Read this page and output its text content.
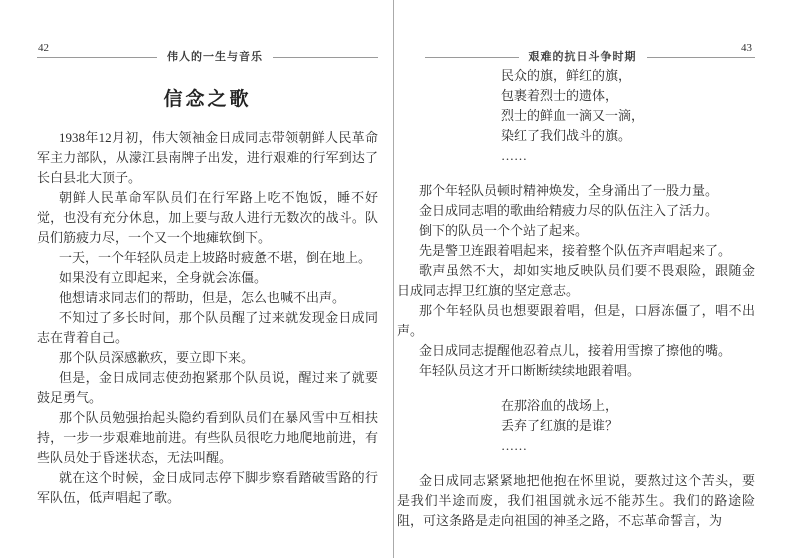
42
伟人的一生与音乐
信念之歌

1938年12月初，伟大领袖金日成同志带领朝鲜人民革命军主力部队，从濛江县南牌子出发，进行艰难的行军到达了长白县北大顶子。

朝鲜人民革命军队员们在行军路上吃不饱饭，睡不好觉，也没有充分休息，加上要与敌人进行无数次的战斗。队员们筋疲力尽，一个又一个地瘫软倒下。

一天，一个年轻队员走上坡路时疲惫不堪，倒在地上。

如果没有立即起来，全身就会冻僵。

他想请求同志们的帮助，但是，怎么也喊不出声。

不知过了多长时间，那个队员醒了过来就发现金日成同志在背着自己。

那个队员深感歉疚，要立即下来。

但是，金日成同志使劲抱紧那个队员说，醒过来了就要鼓足勇气。

那个队员勉强抬起头隐约看到队员们在暴风雪中互相扶持，一步一步艰难地前进。有些队员很吃力地爬地前进，有些队员处于昏迷状态，无法叫醒。

就在这个时候，金日成同志停下脚步察看踏破雪路的行军队伍，低声唱起了歌。

艰难的抗日斗争时期
43
民众的旗，鲜红的旗，
包裹着烈士的遗体，
烈士的鲜血一滴又一滴，
染红了我们战斗的旗。
……

那个年轻队员顿时精神焕发，全身涌出了一股力量。

金日成同志唱的歌曲给精疲力尽的队伍注入了活力。

倒下的队员一个个站了起来。

先是警卫连跟着唱起来，接着整个队伍齐声唱起来了。

歌声虽然不大，却如实地反映队员们要不畏艰险，跟随金日成同志捍卫红旗的坚定意志。

那个年轻队员也想要跟着唱，但是，口唇冻僵了，唱不出声。

金日成同志提醒他忍着点儿，接着用雪擦了擦他的嘴。

年轻队员这才开口断断续续地跟着唱。

在那浴血的战场上，
丢弃了红旗的是谁？
……

金日成同志紧紧地把他抱在怀里说，要熬过这个苦头，要是我们半途而废，我们祖国就永远不能苏生。我们的路途险阻，可这条路是走向祖国的神圣之路，不忘革命誓言，为
